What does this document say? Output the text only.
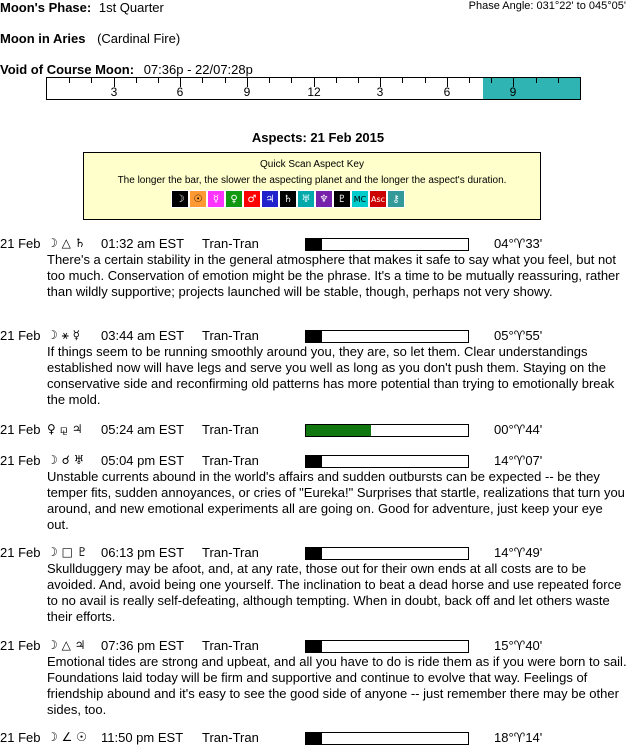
Moon's Phase: 1st Quarter	Phase Angle: 031°22' to 045°05'
Moon in Aries (Cardinal Fire)
Void of Course Moon: 07:36p - 22/07:28p
3	6	9	12	3	6	9
Aspects: 21 Feb 2015
Quick Scan Aspect Key
The longer the bar, the slower the aspecting planet and the longer the aspect's duration.
☽ ☉	☿	♀ ♂ ♃ ♄ ♅ ♆ ♇ MC Asc ⚷
21 Feb ☽ △ ♄ 01:32 am EST Tran-Tran	04°♈33'
There's a certain stability in the general atmosphere that makes it safe to say what you feel, but not too much. Conservation of emotion might be the phrase. It's a time to be mutually reassuring, rather than wildly supportive; projects launched will be stable, though, perhaps not very showy.
21 Feb ☽ ⚹ ☿ 03:44 am EST Tran-Tran	05°♈55'
If things seem to be running smoothly around you, they are, so let them. Clear understandings established now will have legs and serve you well as long as you don't push them. Staying on the conservative side and reconfirming old patterns has more potential than trying to emotionally break the mold.
21 Feb ♀ ⚼ ♃ 05:24 am EST Tran-Tran	00°♈44'
21 Feb ☽ ☌ ♅ 05:04 pm EST Tran-Tran	14°♈07'
Unstable currents abound in the world's affairs and sudden outbursts can be expected -- be they temper fits, sudden annoyances, or cries of "Eureka!" Surprises that startle, realizations that turn you around, and new emotional experiments all are going on. Good for adventure, just keep your eye out.
21 Feb ☽ □ ♇ 06:13 pm EST Tran-Tran	14°♈49'
Skullduggery may be afoot, and, at any rate, those out for their own ends at all costs are to be avoided. And, avoid being one yourself. The inclination to beat a dead horse and use repeated force to no avail is really self-defeating, although tempting. When in doubt, back off and let others waste their efforts.
21 Feb ☽ △ ♃ 07:36 pm EST Tran-Tran	15°♈40'
Emotional tides are strong and upbeat, and all you have to do is ride them as if you were born to sail. Foundations laid today will be firm and supportive and continue to evolve that way. Feelings of friendship abound and it's easy to see the good side of anyone -- just remember there may be other sides, too.
21 Feb ☽ ∠ ☉ 11:50 pm EST Tran-Tran	18°♈14'
